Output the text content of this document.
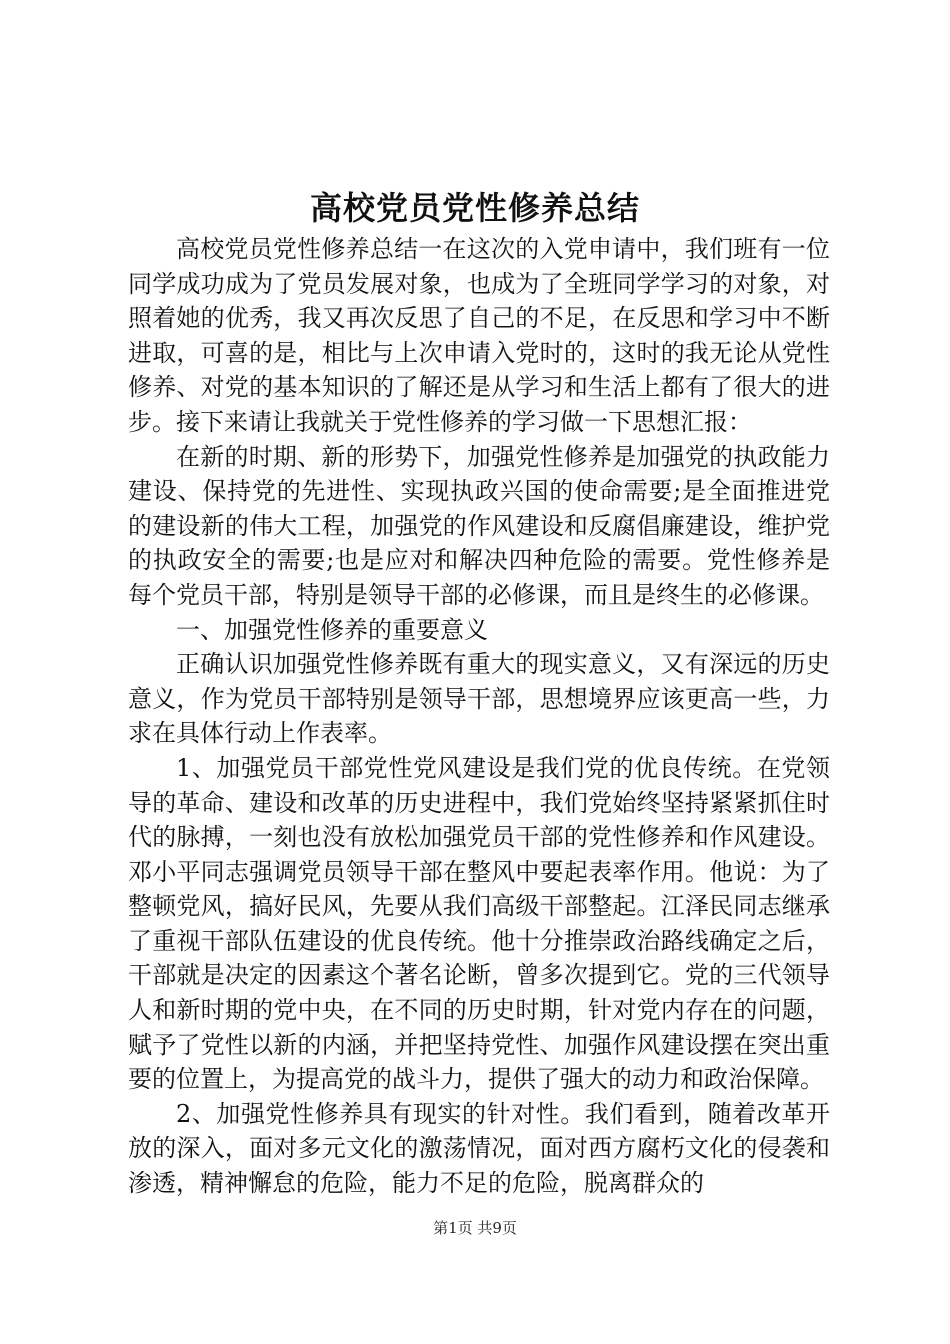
高校党员党性修养总结

高校党员党性修养总结一在这次的入党申请中，我们班有一位同学成功成为了党员发展对象，也成为了全班同学学习的对象，对照着她的优秀，我又再次反思了自己的不足，在反思和学习中不断进取，可喜的是，相比与上次申请入党时的，这时的我无论从党性修养、对党的基本知识的了解还是从学习和生活上都有了很大的进步。接下来请让我就关于党性修养的学习做一下思想汇报：

在新的时期、新的形势下，加强党性修养是加强党的执政能力建设、保持党的先进性、实现执政兴国的使命需要;是全面推进党的建设新的伟大工程，加强党的作风建设和反腐倡廉建设，维护党的执政安全的需要;也是应对和解决四种危险的需要。党性修养是每个党员干部，特别是领导干部的必修课，而且是终生的必修课。

一、加强党性修养的重要意义

正确认识加强党性修养既有重大的现实意义，又有深远的历史意义，作为党员干部特别是领导干部，思想境界应该更高一些，力求在具体行动上作表率。

1、加强党员干部党性党风建设是我们党的优良传统。在党领导的革命、建设和改革的历史进程中，我们党始终坚持紧紧抓住时代的脉搏，一刻也没有放松加强党员干部的党性修养和作风建设。邓小平同志强调党员领导干部在整风中要起表率作用。他说：为了整顿党风，搞好民风，先要从我们高级干部整起。江泽民同志继承了重视干部队伍建设的优良传统。他十分推崇政治路线确定之后，干部就是决定的因素这个著名论断，曾多次提到它。党的三代领导人和新时期的党中央，在不同的历史时期，针对党内存在的问题，赋予了党性以新的内涵，并把坚持党性、加强作风建设摆在突出重要的位置上，为提高党的战斗力，提供了强大的动力和政治保障。

2、加强党性修养具有现实的针对性。我们看到，随着改革开放的深入，面对多元文化的激荡情况，面对西方腐朽文化的侵袭和渗透，精神懈怠的危险，能力不足的危险，脱离群众的

第1页 共9页
